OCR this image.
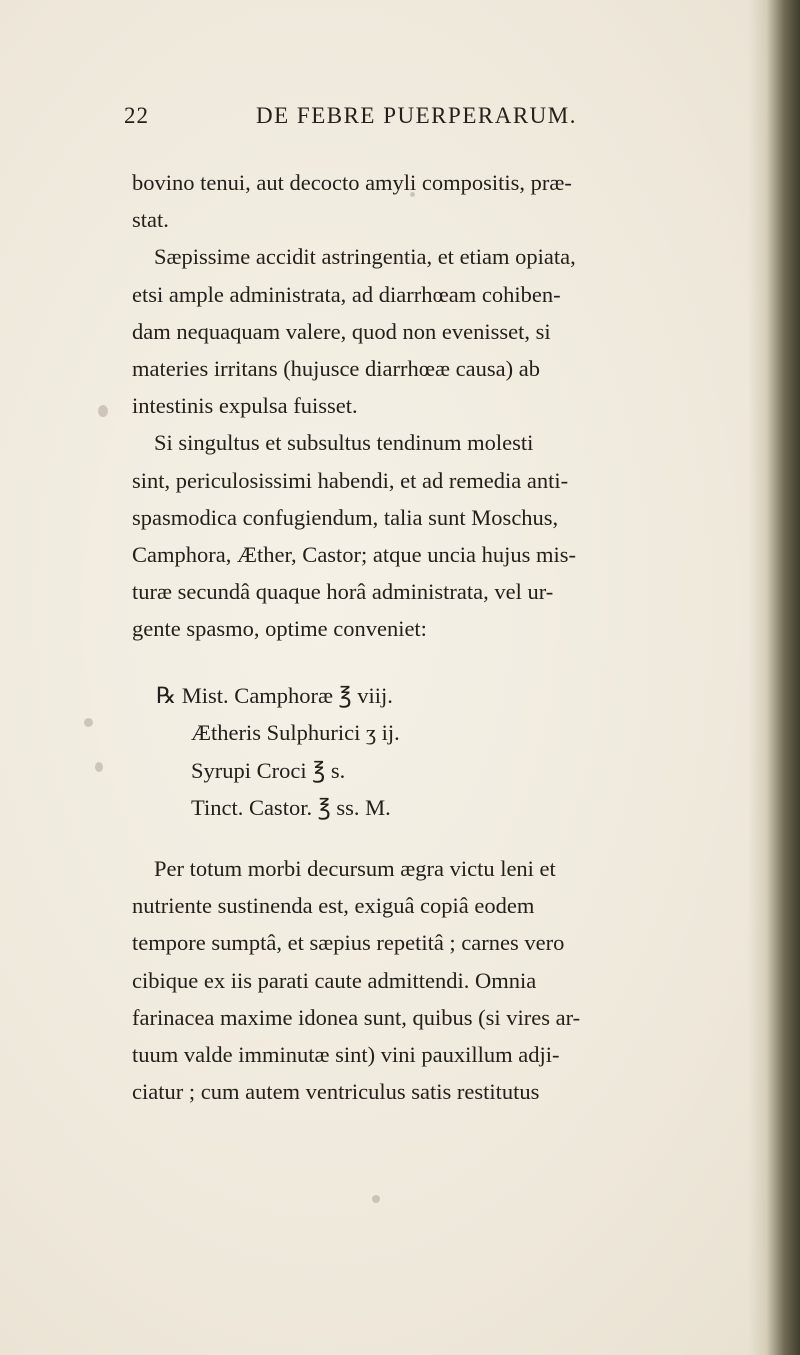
22	DE FEBRE PUERPERARUM.
bovino tenui, aut decocto amyli compositis, præ-
stat.
Sæpissime accidit astringentia, et etiam opiata,
etsi ample administrata, ad diarrhœam cohiben-
dam nequaquam valere, quod non evenisset, si
materies irritans (hujusce diarrhœæ causa) ab
intestinis expulsa fuisset.
Si singultus et subsultus tendinum molesti
sint, periculosissimi habendi, et ad remedia anti-
spasmodica confugiendum, talia sunt Moschus,
Camphora, Æther, Castor; atque uncia hujus mis-
turæ secundâ quaque horâ administrata, vel ur-
gente spasmo, optime conveniet:
℞ Mist. Camphoræ ℥ viij.
Ætheris Sulphurici ʒ ij.
Syrupi Croci ℥ s.
Tinct. Castor. ℥ ss. M.
Per totum morbi decursum ægra victu leni et
nutriente sustinenda est, exiguâ copiâ eodem
tempore sumptâ, et sæpius repetitâ ; carnes vero
cibique ex iis parati caute admittendi. Omnia
farinacea maxime idonea sunt, quibus (si vires ar-
tuum valde imminutæ sint) vini pauxillum adji-
ciatur ; cum autem ventriculus satis restitutus
